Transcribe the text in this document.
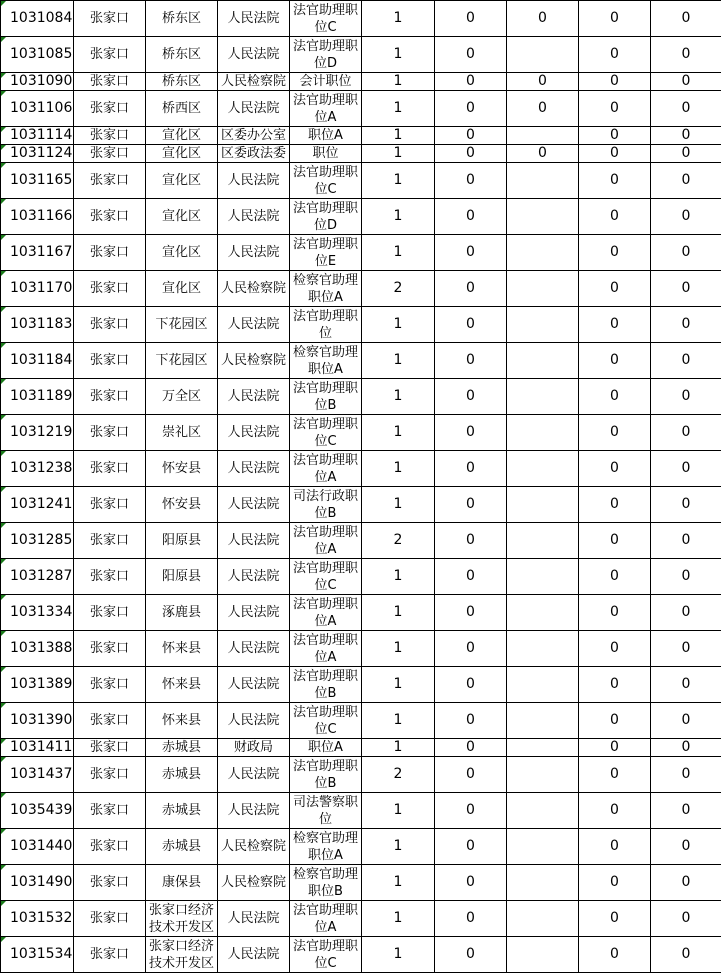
1031084	张家口	桥东区	人民法院	法官助理职位C	1	0	0	0	0
1031085	张家口	桥东区	人民法院	法官助理职位D	1	0		0	0
1031090	张家口	桥东区	人民检察院	会计职位	1	0	0	0	0
1031106	张家口	桥西区	人民法院	法官助理职位A	1	0	0	0	0
1031114	张家口	宣化区	区委办公室	职位A	1	0		0	0
1031124	张家口	宣化区	区委政法委	职位	1	0	0	0	0
1031165	张家口	宣化区	人民法院	法官助理职位C	1	0		0	0
1031166	张家口	宣化区	人民法院	法官助理职位D	1	0		0	0
1031167	张家口	宣化区	人民法院	法官助理职位E	1	0		0	0
1031170	张家口	宣化区	人民检察院	检察官助理职位A	2	0		0	0
1031183	张家口	下花园区	人民法院	法官助理职位	1	0		0	0
1031184	张家口	下花园区	人民检察院	检察官助理职位A	1	0		0	0
1031189	张家口	万全区	人民法院	法官助理职位B	1	0		0	0
1031219	张家口	崇礼区	人民法院	法官助理职位C	1	0		0	0
1031238	张家口	怀安县	人民法院	法官助理职位A	1	0		0	0
1031241	张家口	怀安县	人民法院	司法行政职位B	1	0		0	0
1031285	张家口	阳原县	人民法院	法官助理职位A	2	0		0	0
1031287	张家口	阳原县	人民法院	法官助理职位C	1	0		0	0
1031334	张家口	涿鹿县	人民法院	法官助理职位A	1	0		0	0
1031388	张家口	怀来县	人民法院	法官助理职位A	1	0		0	0
1031389	张家口	怀来县	人民法院	法官助理职位B	1	0		0	0
1031390	张家口	怀来县	人民法院	法官助理职位C	1	0		0	0
1031411	张家口	赤城县	财政局	职位A	1	0		0	0
1031437	张家口	赤城县	人民法院	法官助理职位B	2	0		0	0
1035439	张家口	赤城县	人民法院	司法警察职位	1	0		0	0
1031440	张家口	赤城县	人民检察院	检察官助理职位A	1	0		0	0
1031490	张家口	康保县	人民检察院	检察官助理职位B	1	0		0	0
1031532	张家口	张家口经济技术开发区	人民法院	法官助理职位A	1	0		0	0
1031534	张家口	张家口经济技术开发区	人民法院	法官助理职位C	1	0		0	0
